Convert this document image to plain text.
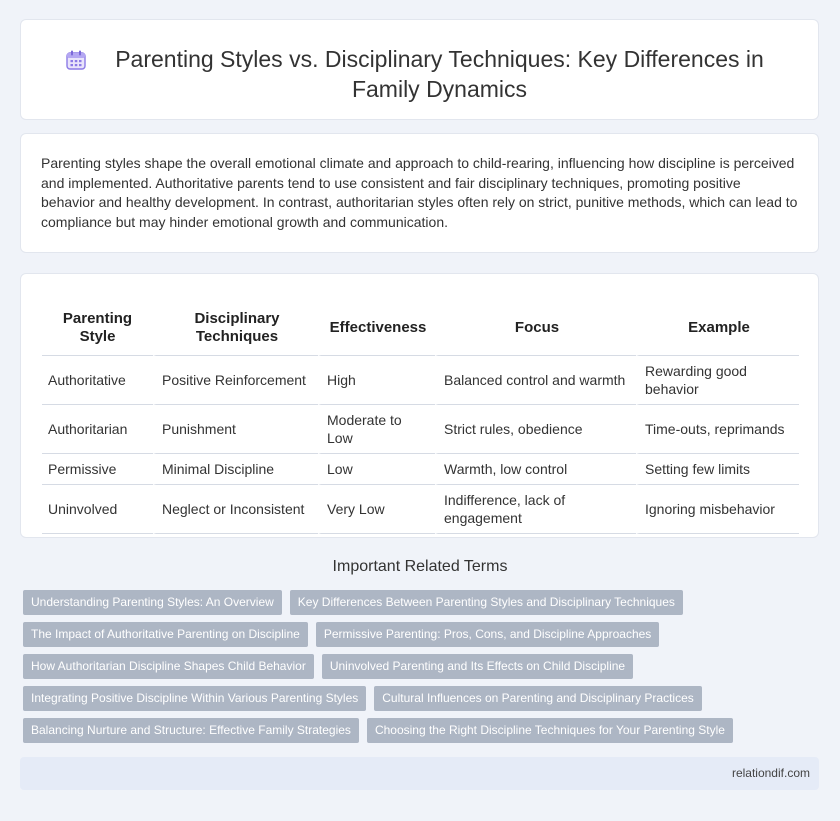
Parenting Styles vs. Disciplinary Techniques: Key Differences in Family Dynamics

Parenting styles shape the overall emotional climate and approach to child-rearing, influencing how discipline is perceived and implemented. Authoritative parents tend to use consistent and fair disciplinary techniques, promoting positive behavior and healthy development. In contrast, authoritarian styles often rely on strict, punitive methods, which can lead to compliance but may hinder emotional growth and communication.

Parenting Style	Disciplinary Techniques	Effectiveness	Focus	Example
Authoritative	Positive Reinforcement	High	Balanced control and warmth	Rewarding good behavior
Authoritarian	Punishment	Moderate to Low	Strict rules, obedience	Time-outs, reprimands
Permissive	Minimal Discipline	Low	Warmth, low control	Setting few limits
Uninvolved	Neglect or Inconsistent	Very Low	Indifference, lack of engagement	Ignoring misbehavior
Important Related Terms
Understanding Parenting Styles: An Overview	Key Differences Between Parenting Styles and Disciplinary Techniques
The Impact of Authoritative Parenting on Discipline	Permissive Parenting: Pros, Cons, and Discipline Approaches
How Authoritarian Discipline Shapes Child Behavior	Uninvolved Parenting and Its Effects on Child Discipline
Integrating Positive Discipline Within Various Parenting Styles	Cultural Influences on Parenting and Disciplinary Practices
Balancing Nurture and Structure: Effective Family Strategies	Choosing the Right Discipline Techniques for Your Parenting Style
relationdif.com
